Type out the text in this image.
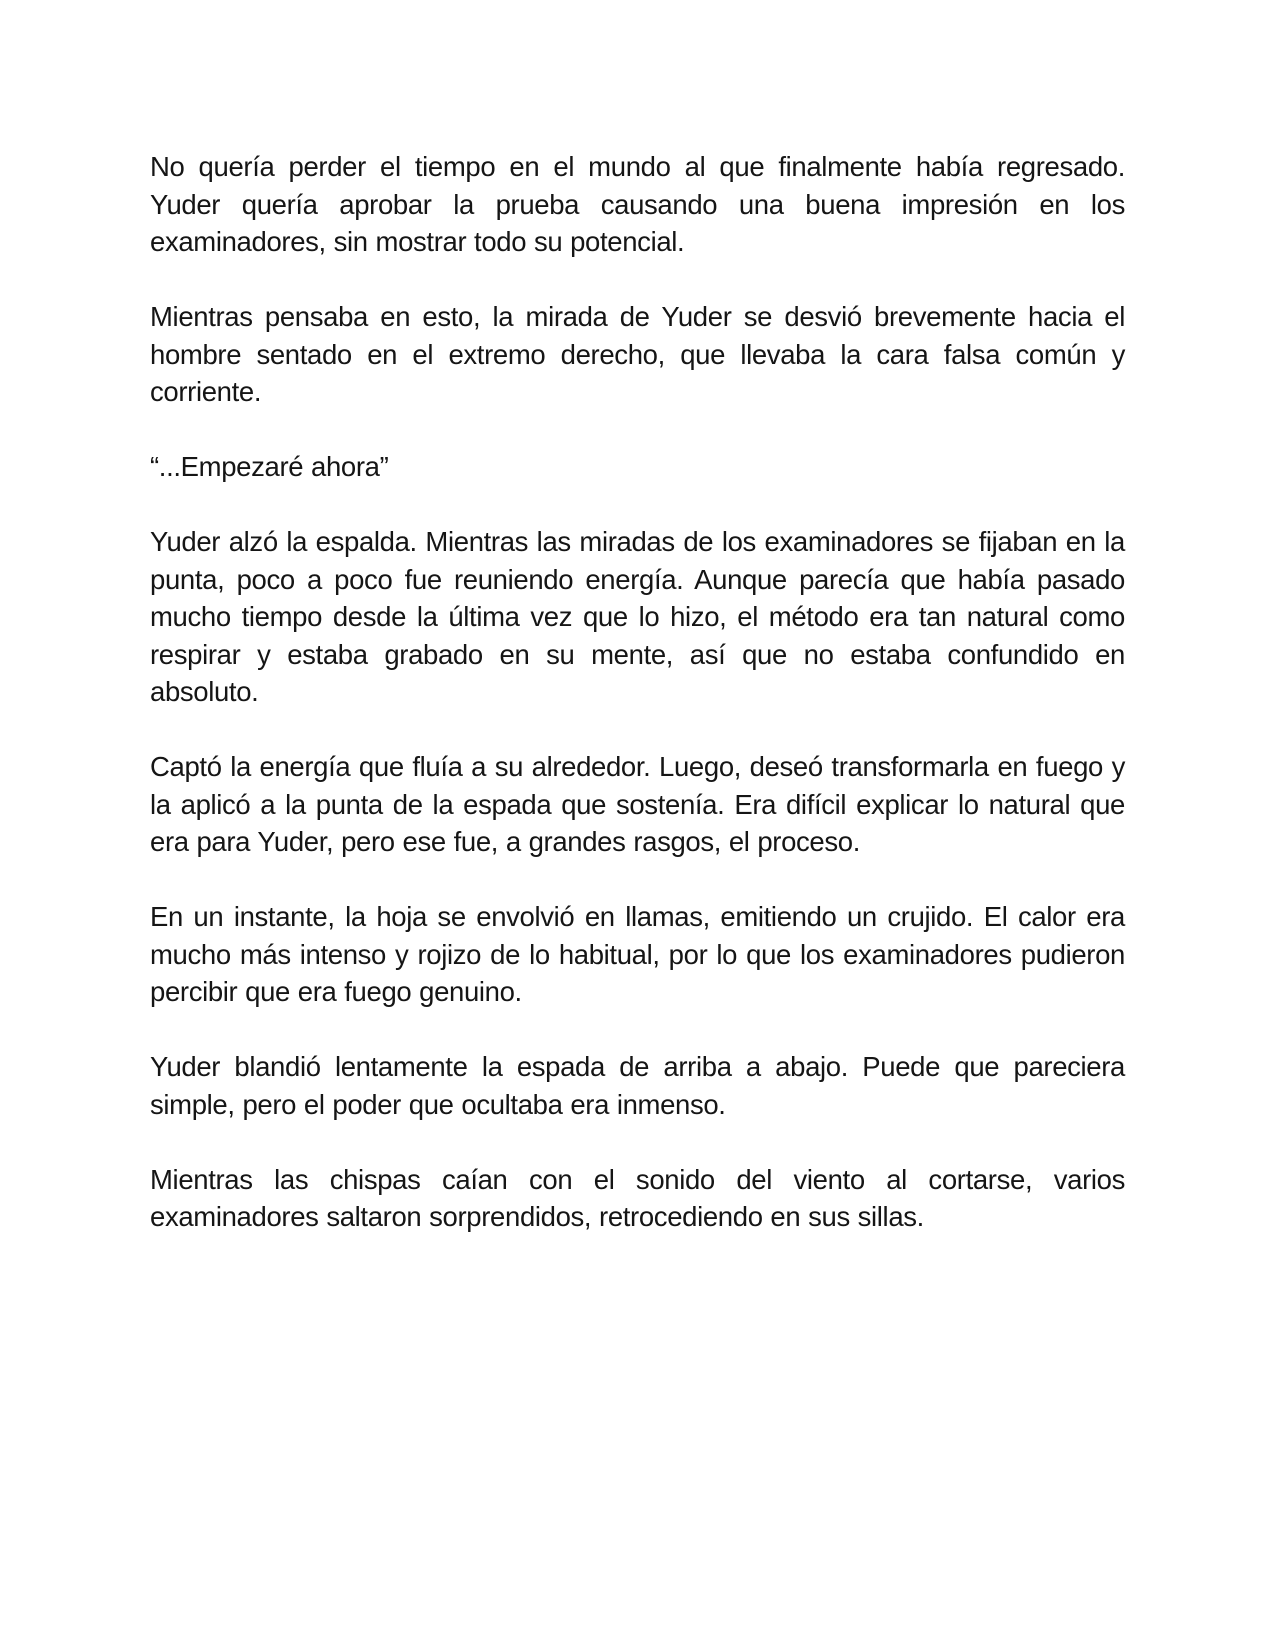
No quería perder el tiempo en el mundo al que finalmente había regresado. Yuder quería aprobar la prueba causando una buena impresión en los examinadores, sin mostrar todo su potencial.

Mientras pensaba en esto, la mirada de Yuder se desvió brevemente hacia el hombre sentado en el extremo derecho, que llevaba la cara falsa común y corriente.

“...Empezaré ahora”

Yuder alzó la espalda. Mientras las miradas de los examinadores se fijaban en la punta, poco a poco fue reuniendo energía. Aunque parecía que había pasado mucho tiempo desde la última vez que lo hizo, el método era tan natural como respirar y estaba grabado en su mente, así que no estaba confundido en absoluto.

Captó la energía que fluía a su alrededor. Luego, deseó transformarla en fuego y la aplicó a la punta de la espada que sostenía. Era difícil explicar lo natural que era para Yuder, pero ese fue, a grandes rasgos, el proceso.

En un instante, la hoja se envolvió en llamas, emitiendo un crujido. El calor era mucho más intenso y rojizo de lo habitual, por lo que los examinadores pudieron percibir que era fuego genuino.

Yuder blandió lentamente la espada de arriba a abajo. Puede que pareciera simple, pero el poder que ocultaba era inmenso.

Mientras las chispas caían con el sonido del viento al cortarse, varios examinadores saltaron sorprendidos, retrocediendo en sus sillas.
